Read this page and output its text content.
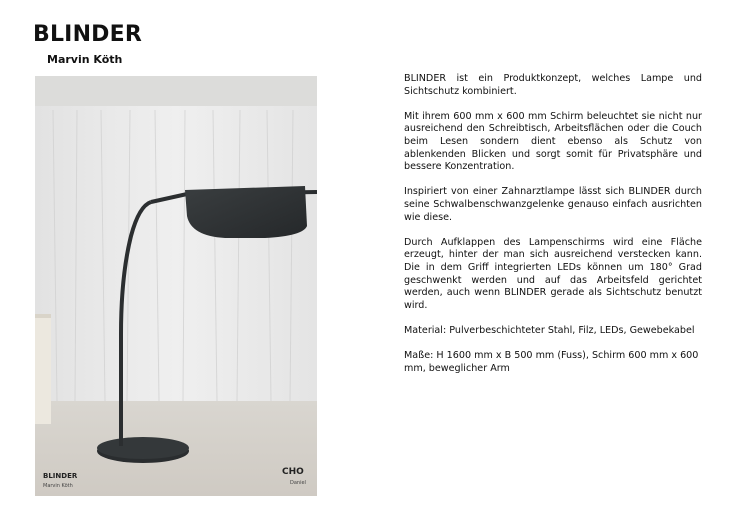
BLINDER
Marvin Köth
BLINDER
Marvin Köth
CHO
Daniel

BLINDER ist ein Produktkonzept, welches Lampe und Sichtschutz kombiniert.

Mit ihrem 600 mm x 600 mm Schirm beleuchtet sie nicht nur ausreichend den Schreibtisch, Arbeitsflächen oder die Couch beim Lesen sondern dient ebenso als Schutz von ablenkenden Blicken und sorgt somit für Privatsphäre und bessere Konzentration.

Inspiriert von einer Zahnarztlampe lässt sich BLINDER durch seine Schwalbenschwanzgelenke genauso einfach ausrichten wie diese.

Durch Aufklappen des Lampenschirms wird eine Fläche erzeugt, hinter der man sich ausreichend verstecken kann. Die in dem Griff integrierten LEDs können um 180° Grad geschwenkt werden und auf das Arbeitsfeld gerichtet werden, auch wenn BLINDER gerade als Sichtschutz benutzt wird.

Material: Pulverbeschichteter Stahl, Filz, LEDs, Gewebekabel

Maße: H 1600 mm x B 500 mm (Fuss), Schirm 600 mm x 600 mm, beweglicher Arm
